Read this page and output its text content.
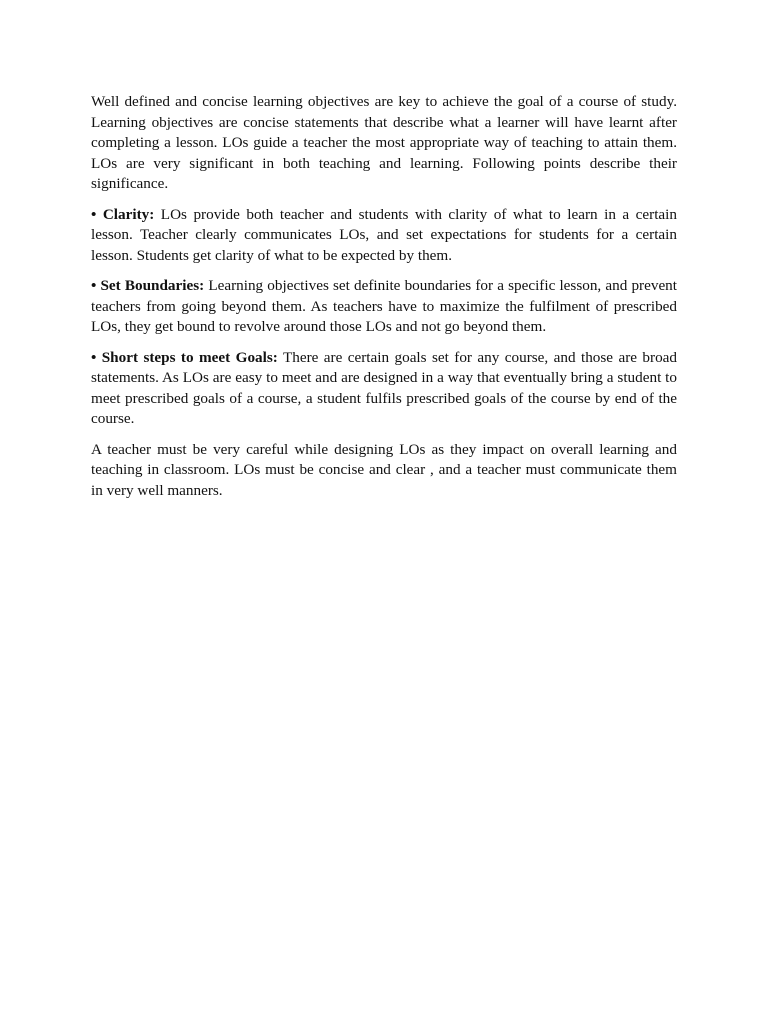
Well defined and concise learning objectives are key to achieve the goal of a course of study. Learning objectives are concise statements that describe what a learner will have learnt after completing a lesson. LOs guide a teacher the most appropriate way of teaching to attain them. LOs are very significant in both teaching and learning. Following points describe their significance.

• Clarity: LOs provide both teacher and students with clarity of what to learn in a certain lesson. Teacher clearly communicates LOs, and set expectations for students for a certain lesson. Students get clarity of what to be expected by them.

• Set Boundaries: Learning objectives set definite boundaries for a specific lesson, and prevent teachers from going beyond them. As teachers have to maximize the fulfilment of prescribed LOs, they get bound to revolve around those LOs and not go beyond them.

• Short steps to meet Goals: There are certain goals set for any course, and those are broad statements. As LOs are easy to meet and are designed in a way that eventually bring a student to meet prescribed goals of a course, a student fulfils prescribed goals of the course by end of the course.

A teacher must be very careful while designing LOs as they impact on overall learning and teaching in classroom. LOs must be concise and clear , and a teacher must communicate them in very well manners.
